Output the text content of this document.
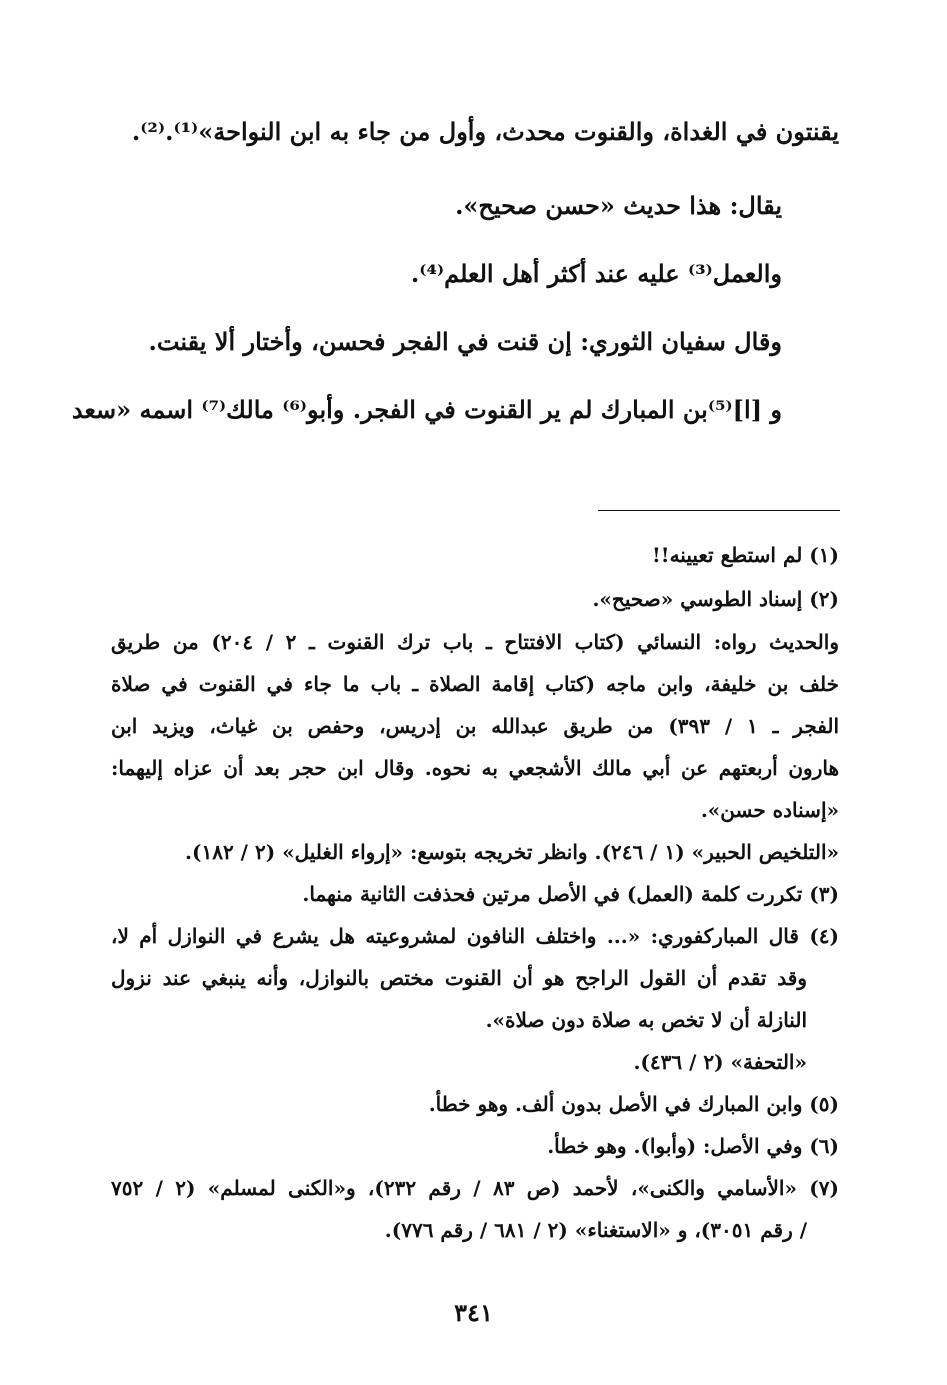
يقنتون في الغداة، والقنوت محدث، وأول من جاء به ابن النواحة»⁽¹⁾.⁽²⁾.

يقال: هذا حديث «حسن صحيح».

والعمل⁽³⁾ عليه عند أكثر أهل العلم⁽⁴⁾.

وقال سفيان الثوري: إن قنت في الفجر فحسن، وأختار ألا يقنت.

و [ا]⁽⁵⁾بن المبارك لم ير القنوت في الفجر. وأبو⁽⁶⁾ مالك⁽⁷⁾ اسمه «سعد

(١) لم استطع تعيينه!!

(٢) إسناد الطوسي «صحيح».

والحديث رواه: النسائي (كتاب الافتتاح ـ باب ترك القنوت ـ ٢ / ٢٠٤) من طريق

خلف بن خليفة، وابن ماجه (كتاب إقامة الصلاة ـ باب ما جاء في القنوت في صلاة

الفجر ـ ١ / ٣٩٣) من طريق عبدالله بن إدريس، وحفص بن غياث، ويزيد ابن

هارون أربعتهم عن أبي مالك الأشجعي به نحوه. وقال ابن حجر بعد أن عزاه إليهما:

«إسناده حسن».

«التلخيص الحبير» (١ / ٢٤٦). وانظر تخريجه بتوسع: «إرواء الغليل» (٢ / ١٨٢).

(٣) تكررت كلمة (العمل) في الأصل مرتين فحذفت الثانية منهما.

(٤) قال المباركفوري: «... واختلف النافون لمشروعيته هل يشرع في النوازل أم لا،

وقد تقدم أن القول الراجح هو أن القنوت مختص بالنوازل، وأنه ينبغي عند نزول

النازلة أن لا تخص به صلاة دون صلاة».

«التحفة» (٢ / ٤٣٦).

(٥) وابن المبارك في الأصل بدون ألف. وهو خطأ.

(٦) وفي الأصل: (وأبوا). وهو خطأ.

(٧) «الأسامي والكنى»، لأحمد (ص ٨٣ / رقم ٢٣٢)، و«الكنى لمسلم» (٢ / ٧٥٢

/ رقم ٣٠٥١)، و «الاستغناء» (٢ / ٦٨١ / رقم ٧٧٦).

٣٤١
